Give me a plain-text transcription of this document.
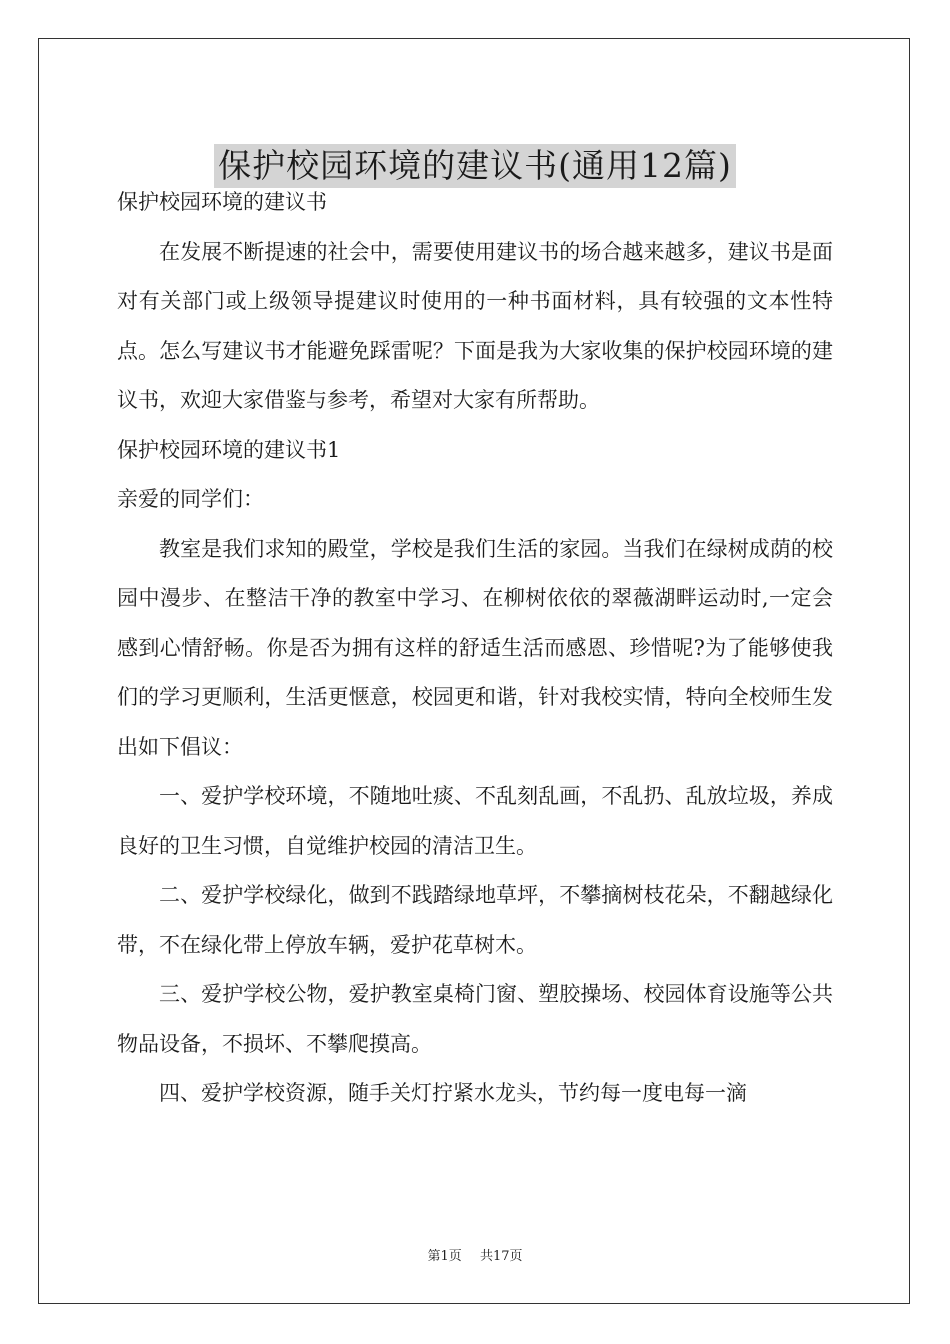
保护校园环境的建议书(通用12篇)

保护校园环境的建议书

在发展不断提速的社会中，需要使用建议书的场合越来越多，建议书是面对有关部门或上级领导提建议时使用的一种书面材料，具有较强的文本性特点。怎么写建议书才能避免踩雷呢？下面是我为大家收集的保护校园环境的建议书，欢迎大家借鉴与参考，希望对大家有所帮助。

保护校园环境的建议书1

亲爱的同学们：

教室是我们求知的殿堂，学校是我们生活的家园。当我们在绿树成荫的校园中漫步、在整洁干净的教室中学习、在柳树依依的翠薇湖畔运动时,一定会感到心情舒畅。你是否为拥有这样的舒适生活而感恩、珍惜呢?为了能够使我们的学习更顺利，生活更惬意，校园更和谐，针对我校实情，特向全校师生发出如下倡议：

一、爱护学校环境，不随地吐痰、不乱刻乱画，不乱扔、乱放垃圾，养成良好的卫生习惯，自觉维护校园的清洁卫生。

二、爱护学校绿化，做到不践踏绿地草坪，不攀摘树枝花朵，不翻越绿化带，不在绿化带上停放车辆，爱护花草树木。

三、爱护学校公物，爱护教室桌椅门窗、塑胶操场、校园体育设施等公共物品设备，不损坏、不攀爬摸高。

四、爱护学校资源，随手关灯拧紧水龙头，节约每一度电每一滴

第1页 共17页
